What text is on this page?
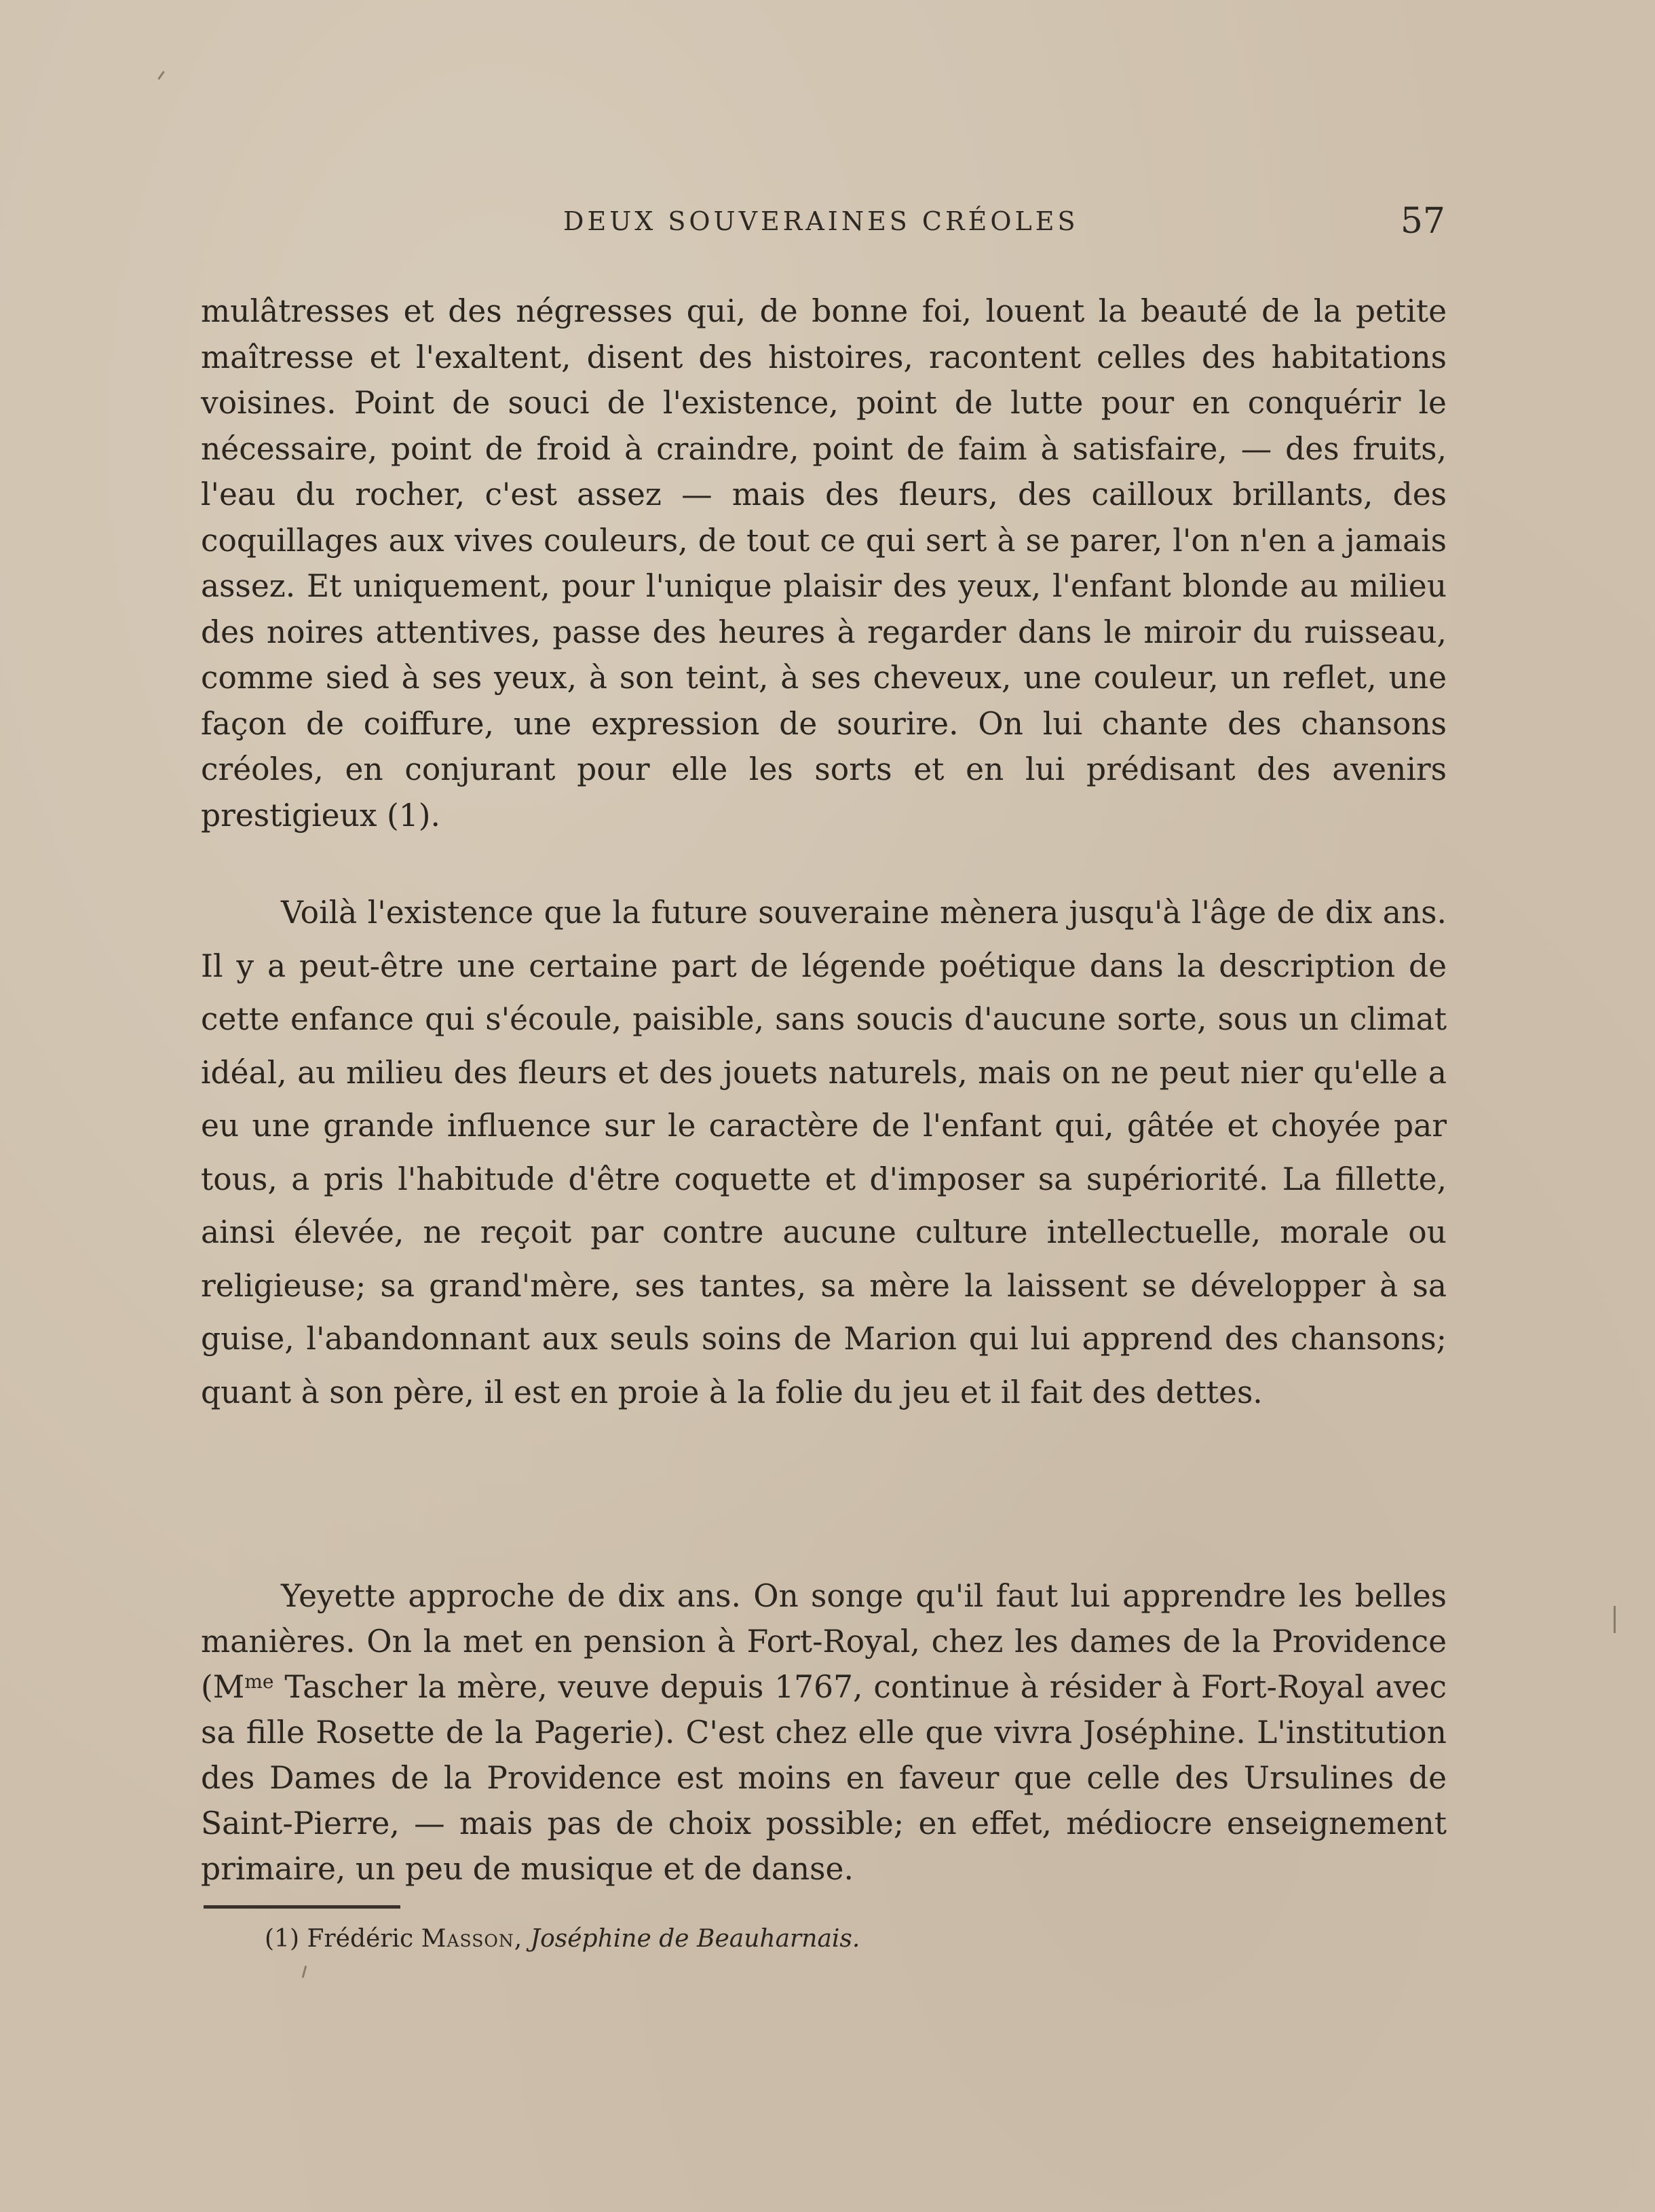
DEUX SOUVERAINES CRÉOLES	57

mulâtresses et des négresses qui, de bonne foi, louent la beauté de la petite maîtresse et l'exaltent, disent des histoires, racontent celles des habitations voisines. Point de souci de l'existence, point de lutte pour en conquérir le nécessaire, point de froid à craindre, point de faim à satisfaire, — des fruits, l'eau du rocher, c'est assez — mais des fleurs, des cailloux brillants, des coquillages aux vives couleurs, de tout ce qui sert à se parer, l'on n'en a jamais assez. Et uniquement, pour l'unique plaisir des yeux, l'enfant blonde au milieu des noires attentives, passe des heures à regarder dans le miroir du ruisseau, comme sied à ses yeux, à son teint, à ses cheveux, une couleur, un reflet, une façon de coiffure, une expression de sourire. On lui chante des chansons créoles, en conjurant pour elle les sorts et en lui prédisant des avenirs prestigieux (1).

Voilà l'existence que la future souveraine mènera jusqu'à l'âge de dix ans. Il y a peut-être une certaine part de légende poétique dans la description de cette enfance qui s'écoule, paisible, sans soucis d'aucune sorte, sous un climat idéal, au milieu des fleurs et des jouets naturels, mais on ne peut nier qu'elle a eu une grande influence sur le caractère de l'enfant qui, gâtée et choyée par tous, a pris l'habitude d'être coquette et d'imposer sa supériorité. La fillette, ainsi élevée, ne reçoit par contre aucune culture intellectuelle, morale ou religieuse; sa grand'mère, ses tantes, sa mère la laissent se développer à sa guise, l'abandonnant aux seuls soins de Marion qui lui apprend des chansons; quant à son père, il est en proie à la folie du jeu et il fait des dettes.

Yeyette approche de dix ans. On songe qu'il faut lui apprendre les belles manières. On la met en pension à Fort-Royal, chez les dames de la Providence ($M^{me}$ Tascher la mère, veuve depuis 1767, continue à résider à Fort-Royal avec sa fille Rosette de la Pagerie). C'est chez elle que vivra Joséphine. L'institution des Dames de la Providence est moins en faveur que celle des Ursulines de Saint-Pierre, — mais pas de choix possible; en effet, médiocre enseignement primaire, un peu de musique et de danse.

(1) Frédéric Masson, Joséphine de Beauharnais.
